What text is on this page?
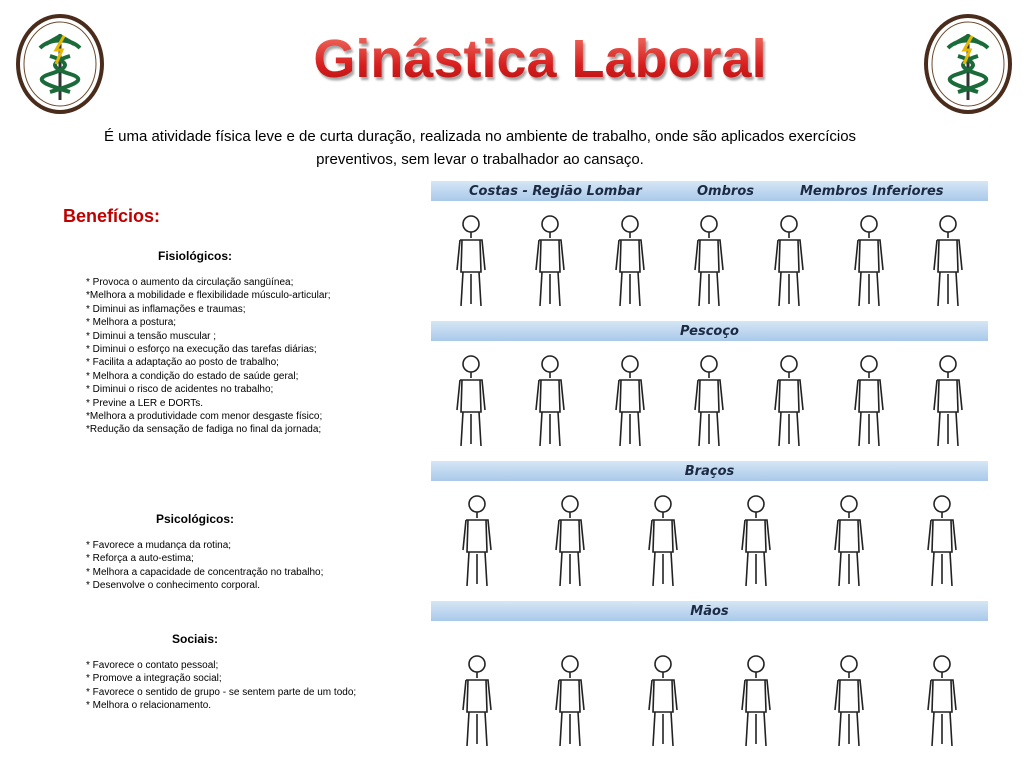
Ginástica Laboral

É uma atividade física leve e de curta duração, realizada no ambiente de trabalho, onde são aplicados exercícios preventivos, sem levar o trabalhador ao cansaço.

Benefícios:
Fisiológicos:
* Provoca o aumento da circulação sangüínea;
*Melhora a mobilidade e flexibilidade músculo-articular;
* Diminui as inflamações e traumas;
* Melhora a postura;
* Diminui a tensão muscular ;
* Diminui o esforço na execução das tarefas diárias;
* Facilita a adaptação ao posto de trabalho;
* Melhora a condição do estado de saúde geral;
* Diminui o risco de acidentes no trabalho;
* Previne a LER e DORTs.
*Melhora a produtividade com menor desgaste físico;
*Redução da sensação de fadiga no final da jornada;
Psicológicos:
* Favorece a mudança da rotina;
* Reforça a auto-estima;
* Melhora a capacidade de concentração no trabalho;
* Desenvolve o conhecimento corporal.
Sociais:
* Favorece o contato pessoal;
* Promove a integração social;
* Favorece o sentido de grupo - se sentem parte de um todo;
* Melhora o relacionamento.
Costas - Região Lombar	Ombros	Membros Inferiores
Pescoço
Braços
Mãos
